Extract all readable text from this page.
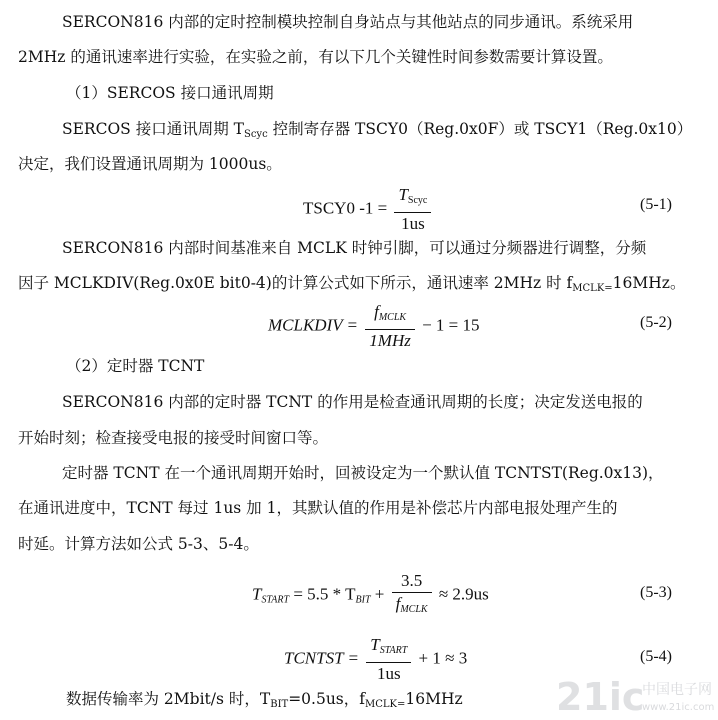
SERCON816 内部的定时控制模块控制自身站点与其他站点的同步通讯。系统采用
2MHz 的通讯速率进行实验，在实验之前，有以下几个关键性时间参数需要计算设置。
（1）SERCOS 接口通讯周期
SERCOS 接口通讯周期 $T_{Scyc}$ 控制寄存器 TSCY0（Reg.0x0F）或 TSCY1（Reg.0x10）
决定，我们设置通讯周期为 1000us。
TSCY0 $-1 = \frac{T_{Scyc}}{1us}$	(5-1)
SERCON816 内部时间基准来自 MCLK 时钟引脚，可以通过分频器进行调整，分频
因子 MCLKDIV(Reg.0x0E bit0-4)的计算公式如下所示，通讯速率 2MHz 时 $f_{MCLK=}16MHz$。
MCLKDIV = $\frac{f_{MCLK}}{\text{1MHz}} - 1 = 15$	(5-2)
（2）定时器 TCNT
SERCON816 内部的定时器 TCNT 的作用是检查通讯周期的长度；决定发送电报的
开始时刻；检查接受电报的接受时间窗口等。
定时器 TCNT 在一个通讯周期开始时，回被设定为一个默认值 TCNTST(Reg.0x13)，
在通讯进度中，TCNT 每过 1us 加 1，其默认值的作用是补偿芯片内部电报处理产生的
时延。计算方法如公式 5-3、5-4。
$T_{START} = 5.5 * T_{BIT} + \frac{3.5}{f_{MCLK}} \approx 2.9us$	(5-3)
TCNTST = $\frac{T_{START}}{1us} + 1 \approx 3$	(5-4)
数据传输率为 2Mbit/s 时，$T_{BIT}=0.5us$，$f_{MCLK=}16MHz$ 21ic
中国电子网
www.21ic.com
